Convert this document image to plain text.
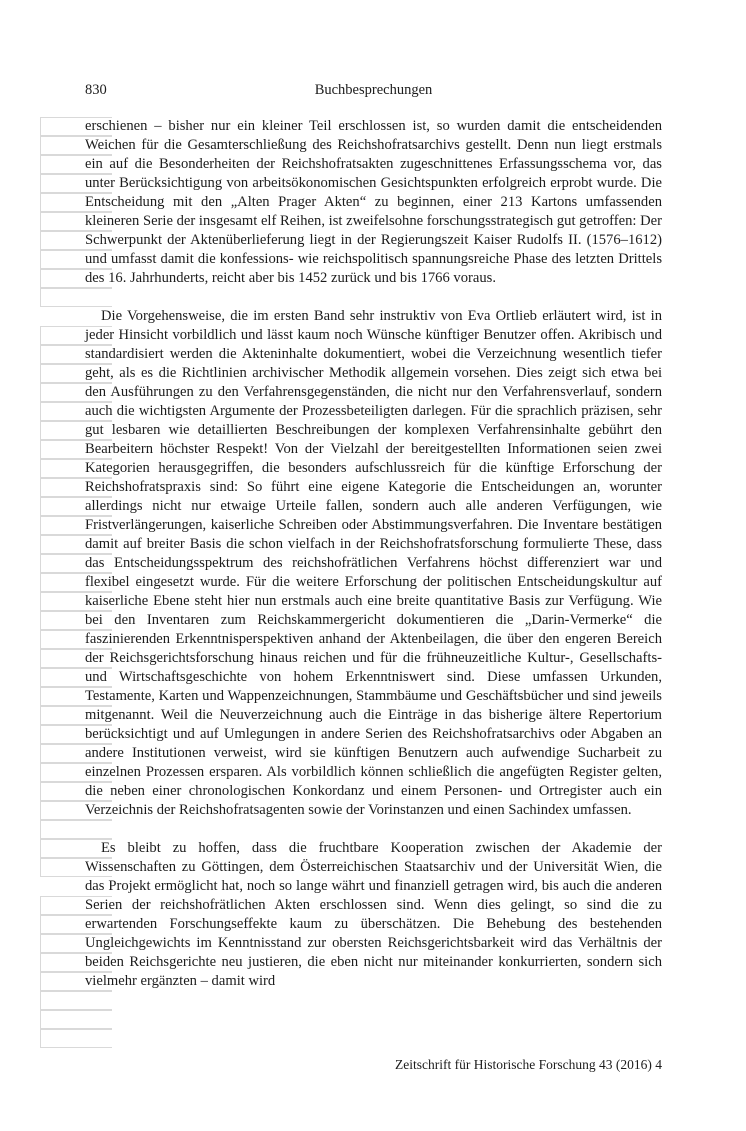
830	Buchbesprechungen

erschienen – bisher nur ein kleiner Teil erschlossen ist, so wurden damit die entscheidenden Weichen für die Gesamterschließung des Reichshofratsarchivs gestellt. Denn nun liegt erstmals ein auf die Besonderheiten der Reichshofratsakten zugeschnittenes Erfassungsschema vor, das unter Berücksichtigung von arbeitsökonomischen Gesichtspunkten erfolgreich erprobt wurde. Die Entscheidung mit den „Alten Prager Akten“ zu beginnen, einer 213 Kartons umfassenden kleineren Serie der insgesamt elf Reihen, ist zweifelsohne forschungsstrategisch gut getroffen: Der Schwerpunkt der Aktenüberlieferung liegt in der Regierungszeit Kaiser Rudolfs II. (1576–1612) und umfasst damit die konfessions- wie reichspolitisch spannungsreiche Phase des letzten Drittels des 16. Jahrhunderts, reicht aber bis 1452 zurück und bis 1766 voraus.

Die Vorgehensweise, die im ersten Band sehr instruktiv von Eva Ortlieb erläutert wird, ist in jeder Hinsicht vorbildlich und lässt kaum noch Wünsche künftiger Benutzer offen. Akribisch und standardisiert werden die Akteninhalte dokumentiert, wobei die Verzeichnung wesentlich tiefer geht, als es die Richtlinien archivischer Methodik allgemein vorsehen. Dies zeigt sich etwa bei den Ausführungen zu den Verfahrensgegenständen, die nicht nur den Verfahrensverlauf, sondern auch die wichtigsten Argumente der Prozessbeteiligten darlegen. Für die sprachlich präzisen, sehr gut lesbaren wie detaillierten Beschreibungen der komplexen Verfahrensinhalte gebührt den Bearbeitern höchster Respekt! Von der Vielzahl der bereitgestellten Informationen seien zwei Kategorien herausgegriffen, die besonders aufschlussreich für die künftige Erforschung der Reichshofratspraxis sind: So führt eine eigene Kategorie die Entscheidungen an, worunter allerdings nicht nur etwaige Urteile fallen, sondern auch alle anderen Verfügungen, wie Fristverlängerungen, kaiserliche Schreiben oder Abstimmungsverfahren. Die Inventare bestätigen damit auf breiter Basis die schon vielfach in der Reichshofratsforschung formulierte These, dass das Entscheidungsspektrum des reichshofrätlichen Verfahrens höchst differenziert war und flexibel eingesetzt wurde. Für die weitere Erforschung der politischen Entscheidungskultur auf kaiserliche Ebene steht hier nun erstmals auch eine breite quantitative Basis zur Verfügung. Wie bei den Inventaren zum Reichskammergericht dokumentieren die „Darin-Vermerke“ die faszinierenden Erkenntnisperspektiven anhand der Aktenbeilagen, die über den engeren Bereich der Reichsgerichtsforschung hinaus reichen und für die frühneuzeitliche Kultur-, Gesellschafts- und Wirtschaftsgeschichte von hohem Erkenntniswert sind. Diese umfassen Urkunden, Testamente, Karten und Wappenzeichnungen, Stammbäume und Geschäftsbücher und sind jeweils mitgenannt. Weil die Neuverzeichnung auch die Einträge in das bisherige ältere Repertorium berücksichtigt und auf Umlegungen in andere Serien des Reichshofratsarchivs oder Abgaben an andere Institutionen verweist, wird sie künftigen Benutzern auch aufwendige Sucharbeit zu einzelnen Prozessen ersparen. Als vorbildlich können schließlich die angefügten Register gelten, die neben einer chronologischen Konkordanz und einem Personen- und Ortregister auch ein Verzeichnis der Reichshofratsagenten sowie der Vorinstanzen und einen Sachindex umfassen.

Es bleibt zu hoffen, dass die fruchtbare Kooperation zwischen der Akademie der Wissenschaften zu Göttingen, dem Österreichischen Staatsarchiv und der Universität Wien, die das Projekt ermöglicht hat, noch so lange währt und finanziell getragen wird, bis auch die anderen Serien der reichshofrätlichen Akten erschlossen sind. Wenn dies gelingt, so sind die zu erwartenden Forschungseffekte kaum zu überschätzen. Die Behebung des bestehenden Ungleichgewichts im Kenntnisstand zur obersten Reichsgerichtsbarkeit wird das Verhältnis der beiden Reichsgerichte neu justieren, die eben nicht nur miteinander konkurrierten, sondern sich vielmehr ergänzten – damit wird

Zeitschrift für Historische Forschung 43 (2016) 4
